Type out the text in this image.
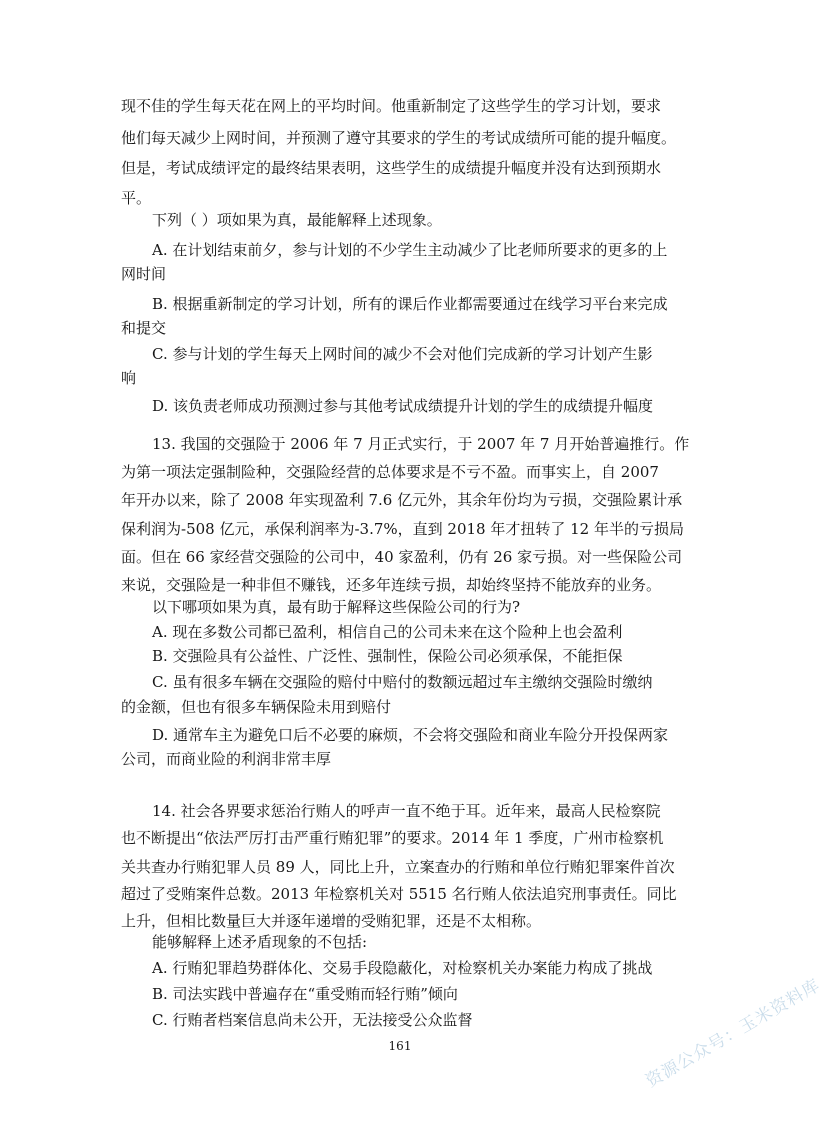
现不佳的学生每天花在网上的平均时间。他重新制定了这些学生的学习计划，要求
他们每天减少上网时间，并预测了遵守其要求的学生的考试成绩所可能的提升幅度。
但是，考试成绩评定的最终结果表明，这些学生的成绩提升幅度并没有达到预期水
平。
下列（ ）项如果为真，最能解释上述现象。
A. 在计划结束前夕，参与计划的不少学生主动减少了比老师所要求的更多的上
网时间
B. 根据重新制定的学习计划，所有的课后作业都需要通过在线学习平台来完成
和提交
C. 参与计划的学生每天上网时间的减少不会对他们完成新的学习计划产生影
响
D. 该负责老师成功预测过参与其他考试成绩提升计划的学生的成绩提升幅度
13. 我国的交强险于 2006 年 7 月正式实行，于 2007 年 7 月开始普遍推行。作
为第一项法定强制险种，交强险经营的总体要求是不亏不盈。而事实上，自 2007
年开办以来，除了 2008 年实现盈利 7.6 亿元外，其余年份均为亏损，交强险累计承
保利润为-508 亿元，承保利润率为-3.7%，直到 2018 年才扭转了 12 年半的亏损局
面。但在 66 家经营交强险的公司中，40 家盈利，仍有 26 家亏损。对一些保险公司
来说，交强险是一种非但不赚钱，还多年连续亏损，却始终坚持不能放弃的业务。
以下哪项如果为真，最有助于解释这些保险公司的行为?
A. 现在多数公司都已盈利，相信自己的公司未来在这个险种上也会盈利
B. 交强险具有公益性、广泛性、强制性，保险公司必须承保，不能拒保
C. 虽有很多车辆在交强险的赔付中赔付的数额远超过车主缴纳交强险时缴纳
的金额，但也有很多车辆保险未用到赔付
D. 通常车主为避免口后不必要的麻烦，不会将交强险和商业车险分开投保两家
公司，而商业险的利润非常丰厚
14. 社会各界要求惩治行贿人的呼声一直不绝于耳。近年来，最高人民检察院
也不断提出“依法严厉打击严重行贿犯罪”的要求。2014 年 1 季度，广州市检察机
关共查办行贿犯罪人员 89 人，同比上升，立案查办的行贿和单位行贿犯罪案件首次
超过了受贿案件总数。2013 年检察机关对 5515 名行贿人依法追究刑事责任。同比
上升，但相比数量巨大并逐年递增的受贿犯罪，还是不太相称。
能够解释上述矛盾现象的不包括:
A. 行贿犯罪趋势群体化、交易手段隐蔽化，对检察机关办案能力构成了挑战
B. 司法实践中普遍存在“重受贿而轻行贿”倾向
C. 行贿者档案信息尚未公开，无法接受公众监督
161	资源公众号：玉米资料库
